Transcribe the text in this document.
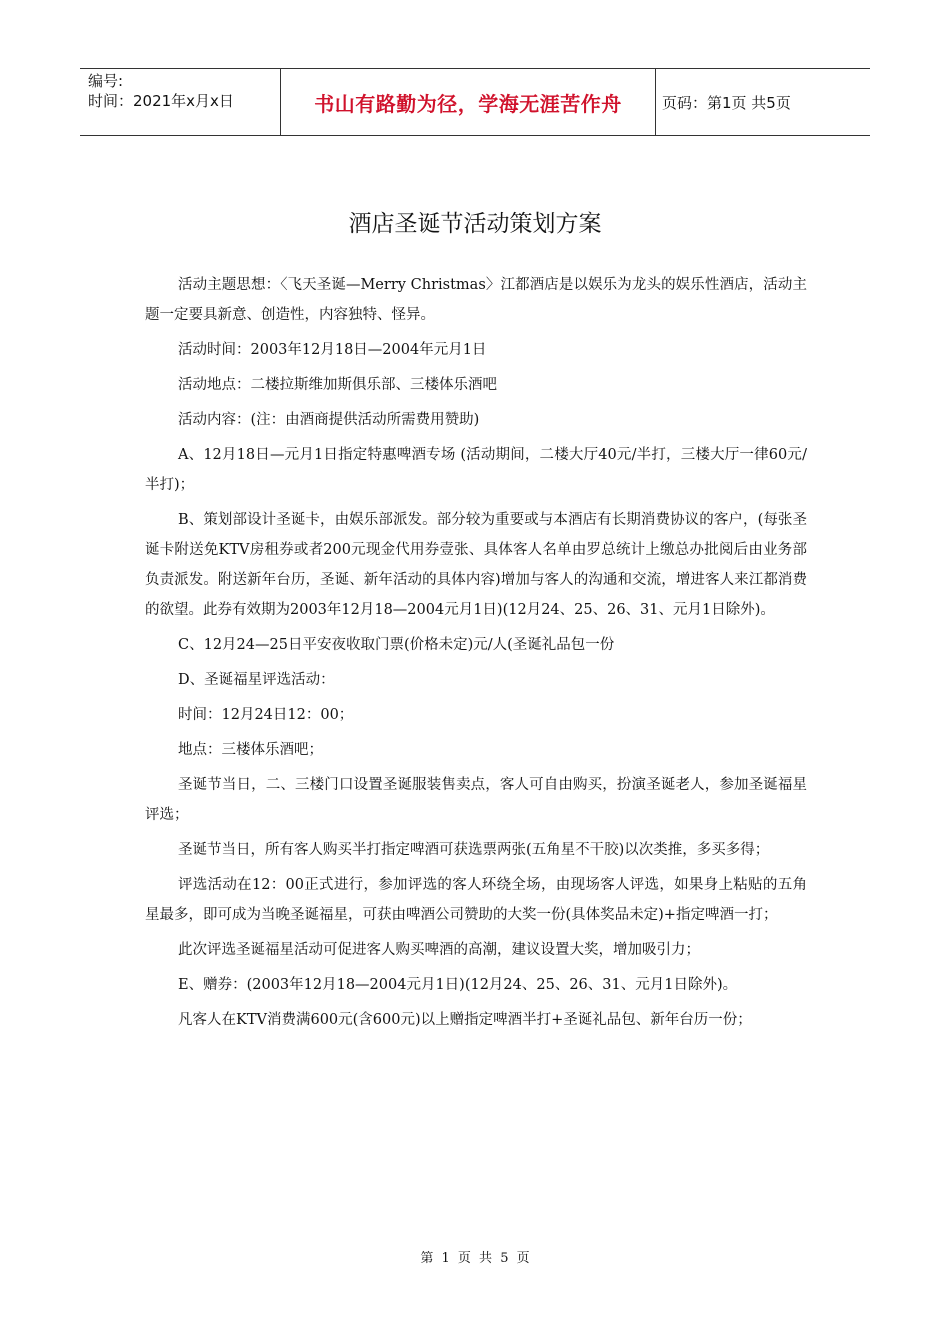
编号:
时间：2021年x月x日	书山有路勤为径，学海无涯苦作舟	页码：第1页 共5页
酒店圣诞节活动策划方案

活动主题思想：〈飞天圣诞—Merry Christmas〉江都酒店是以娱乐为龙头的娱乐性酒店，活动主题一定要具新意、创造性，内容独特、怪异。

活动时间：2003年12月18日—2004年元月1日

活动地点：二楼拉斯维加斯俱乐部、三楼体乐酒吧

活动内容：(注：由酒商提供活动所需费用赞助)

A、12月18日—元月1日指定特惠啤酒专场 (活动期间，二楼大厅40元/半打，三楼大厅一律60元/半打)；

B、策划部设计圣诞卡，由娱乐部派发。部分较为重要或与本酒店有长期消费协议的客户，(每张圣诞卡附送免KTV房租券或者200元现金代用券壹张、具体客人名单由罗总统计上缴总办批阅后由业务部负责派发。附送新年台历，圣诞、新年活动的具体内容)增加与客人的沟通和交流，增进客人来江都消费的欲望。此券有效期为2003年12月18—2004元月1日)(12月24、25、26、31、元月1日除外)。

C、12月24—25日平安夜收取门票(价格未定)元/人(圣诞礼品包一份

D、圣诞福星评选活动：

时间：12月24日12：00；

地点：三楼体乐酒吧；

圣诞节当日，二、三楼门口设置圣诞服装售卖点，客人可自由购买，扮演圣诞老人，参加圣诞福星评选；

圣诞节当日，所有客人购买半打指定啤酒可获选票两张(五角星不干胶)以次类推，多买多得；

评选活动在12：00正式进行，参加评选的客人环绕全场，由现场客人评选，如果身上粘贴的五角星最多，即可成为当晚圣诞福星，可获由啤酒公司赞助的大奖一份(具体奖品未定)+指定啤酒一打；

此次评选圣诞福星活动可促进客人购买啤酒的高潮，建议设置大奖，增加吸引力；

E、赠券：(2003年12月18—2004元月1日)(12月24、25、26、31、元月1日除外)。

凡客人在KTV消费满600元(含600元)以上赠指定啤酒半打+圣诞礼品包、新年台历一份；

第 1 页 共 5 页
